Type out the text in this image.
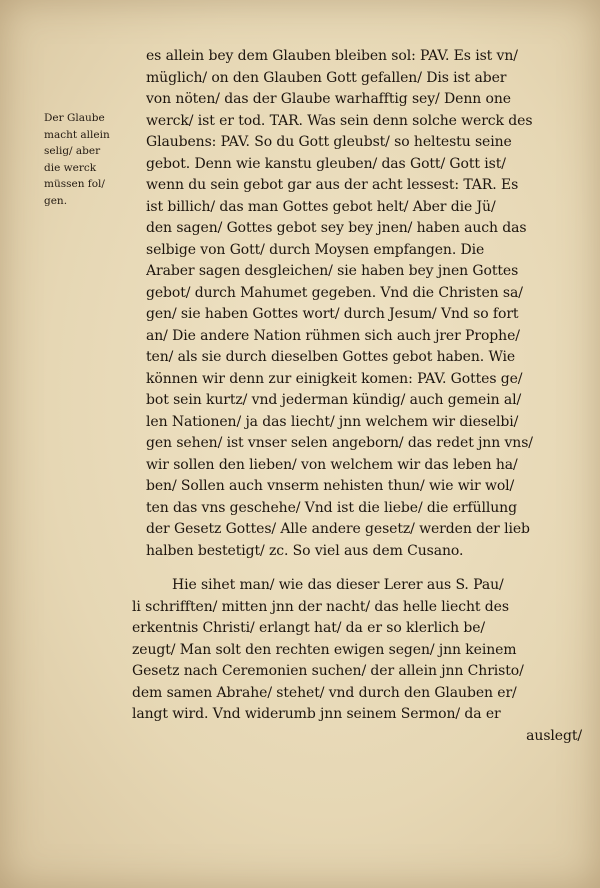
Der Glaube
macht allein
selig/ aber
die werck
müssen fol/
gen.
es allein bey dem Glauben bleiben sol: PAV. Es ist vn/
müglich/ on den Glauben Gott gefallen/ Dis ist aber
von nöten/ das der Glaube warhafftig sey/ Denn one
werck/ ist er tod. TAR. Was sein denn solche werck des
Glaubens: PAV. So du Gott gleubst/ so heltestu seine
gebot. Denn wie kanstu gleuben/ das Gott/ Gott ist/
wenn du sein gebot gar aus der acht lessest: TAR. Es
ist billich/ das man Gottes gebot helt/ Aber die Jü/
den sagen/ Gottes gebot sey bey jnen/ haben auch das
selbige von Gott/ durch Moysen empfangen. Die
Araber sagen desgleichen/ sie haben bey jnen Gottes
gebot/ durch Mahumet gegeben. Vnd die Christen sa/
gen/ sie haben Gottes wort/ durch Jesum/ Vnd so fort
an/ Die andere Nation rühmen sich auch jrer Prophe/
ten/ als sie durch dieselben Gottes gebot haben. Wie
können wir denn zur einigkeit komen: PAV. Gottes ge/
bot sein kurtz/ vnd jederman kündig/ auch gemein al/
len Nationen/ ja das liecht/ jnn welchem wir dieselbi/
gen sehen/ ist vnser selen angeborn/ das redet jnn vns/
wir sollen den lieben/ von welchem wir das leben ha/
ben/ Sollen auch vnserm nehisten thun/ wie wir wol/
ten das vns geschehe/ Vnd ist die liebe/ die erfüllung
der Gesetz Gottes/ Alle andere gesetz/ werden der lieb
halben bestetigt/ zc. So viel aus dem Cusano.
Hie sihet man/ wie das dieser Lerer aus S. Pau/
li schrifften/ mitten jnn der nacht/ das helle liecht des
erkentnis Christi/ erlangt hat/ da er so klerlich be/
zeugt/ Man solt den rechten ewigen segen/ jnn keinem
Gesetz nach Ceremonien suchen/ der allein jnn Christo/
dem samen Abrahe/ stehet/ vnd durch den Glauben er/
langt wird. Vnd widerumb jnn seinem Sermon/ da er
auslegt/
